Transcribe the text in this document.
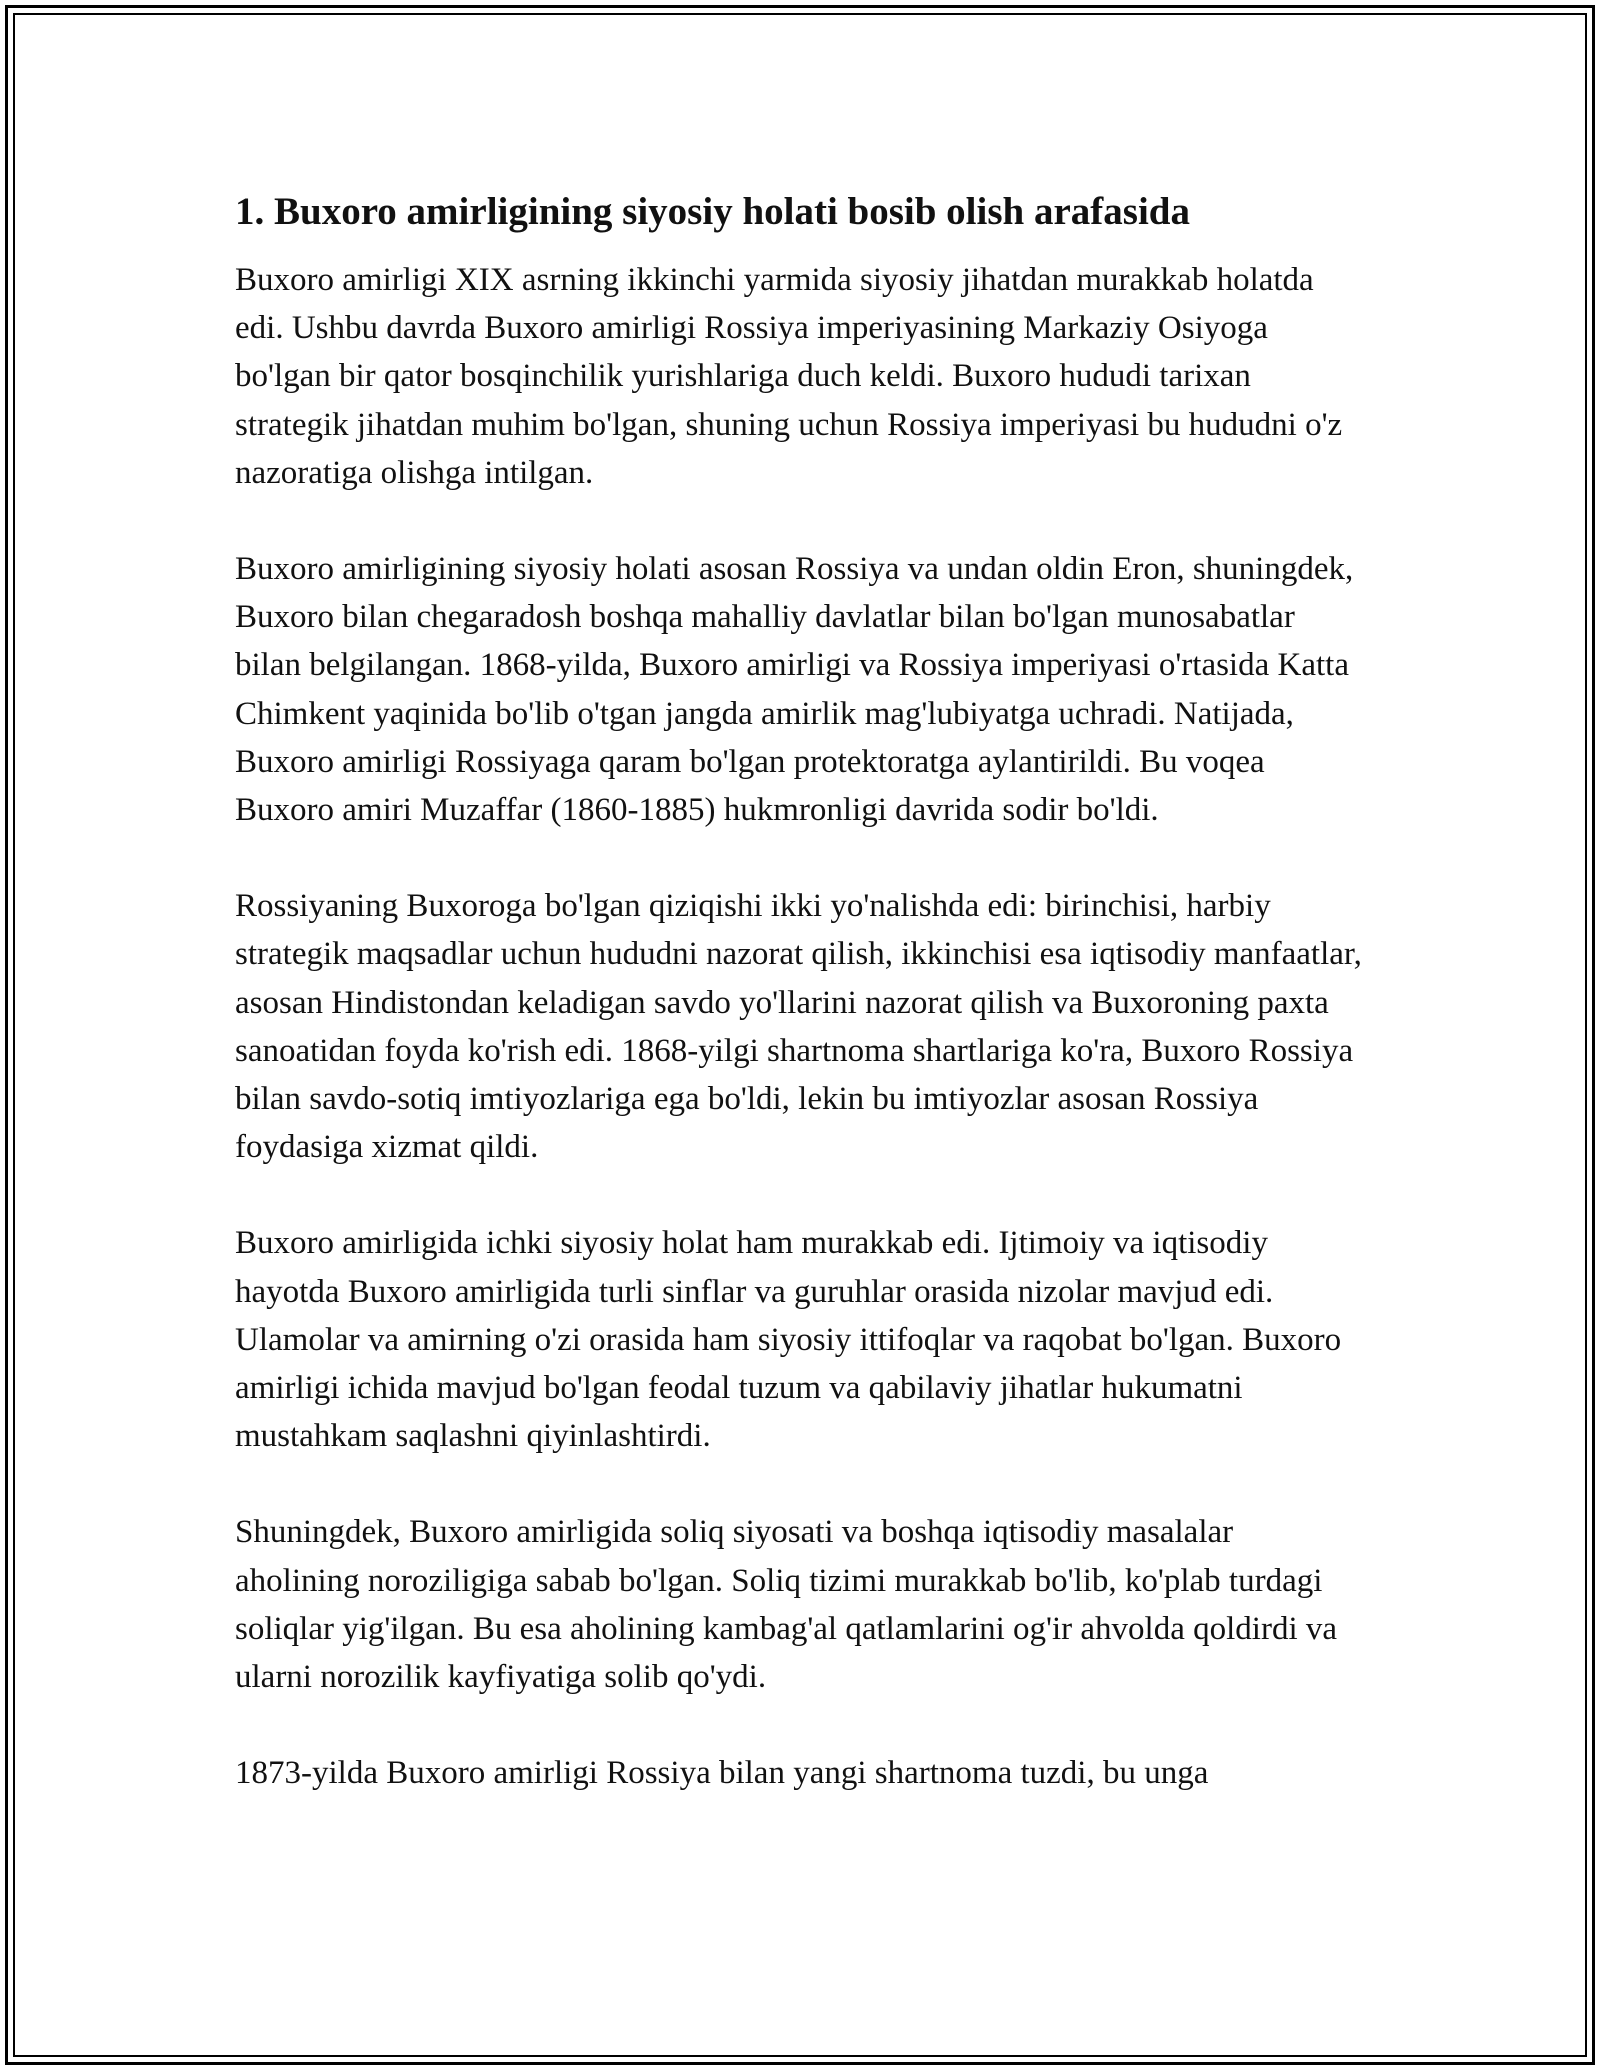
1. Buxoro amirligining siyosiy holati bosib olish arafasida

Buxoro amirligi XIX asrning ikkinchi yarmida siyosiy jihatdan murakkab holatda edi. Ushbu davrda Buxoro amirligi Rossiya imperiyasining Markaziy Osiyoga bo'lgan bir qator bosqinchilik yurishlariga duch keldi. Buxoro hududi tarixan strategik jihatdan muhim bo'lgan, shuning uchun Rossiya imperiyasi bu hududni o'z nazoratiga olishga intilgan.

Buxoro amirligining siyosiy holati asosan Rossiya va undan oldin Eron, shuningdek, Buxoro bilan chegaradosh boshqa mahalliy davlatlar bilan bo'lgan munosabatlar bilan belgilangan. 1868-yilda, Buxoro amirligi va Rossiya imperiyasi o'rtasida Katta Chimkent yaqinida bo'lib o'tgan jangda amirlik mag'lubiyatga uchradi. Natijada, Buxoro amirligi Rossiyaga qaram bo'lgan protektoratga aylantirildi. Bu voqea Buxoro amiri Muzaffar (1860-1885) hukmronligi davrida sodir bo'ldi.

Rossiyaning Buxoroga bo'lgan qiziqishi ikki yo'nalishda edi: birinchisi, harbiy strategik maqsadlar uchun hududni nazorat qilish, ikkinchisi esa iqtisodiy manfaatlar, asosan Hindistondan keladigan savdo yo'llarini nazorat qilish va Buxoroning paxta sanoatidan foyda ko'rish edi. 1868-yilgi shartnoma shartlariga ko'ra, Buxoro Rossiya bilan savdo-sotiq imtiyozlariga ega bo'ldi, lekin bu imtiyozlar asosan Rossiya foydasiga xizmat qildi.

Buxoro amirligida ichki siyosiy holat ham murakkab edi. Ijtimoiy va iqtisodiy hayotda Buxoro amirligida turli sinflar va guruhlar orasida nizolar mavjud edi. Ulamolar va amirning o'zi orasida ham siyosiy ittifoqlar va raqobat bo'lgan. Buxoro amirligi ichida mavjud bo'lgan feodal tuzum va qabilaviy jihatlar hukumatni mustahkam saqlashni qiyinlashtirdi.

Shuningdek, Buxoro amirligida soliq siyosati va boshqa iqtisodiy masalalar aholining noroziligiga sabab bo'lgan. Soliq tizimi murakkab bo'lib, ko'plab turdagi soliqlar yig'ilgan. Bu esa aholining kambag'al qatlamlarini og'ir ahvolda qoldirdi va ularni norozilik kayfiyatiga solib qo'ydi.

1873-yilda Buxoro amirligi Rossiya bilan yangi shartnoma tuzdi, bu unga
